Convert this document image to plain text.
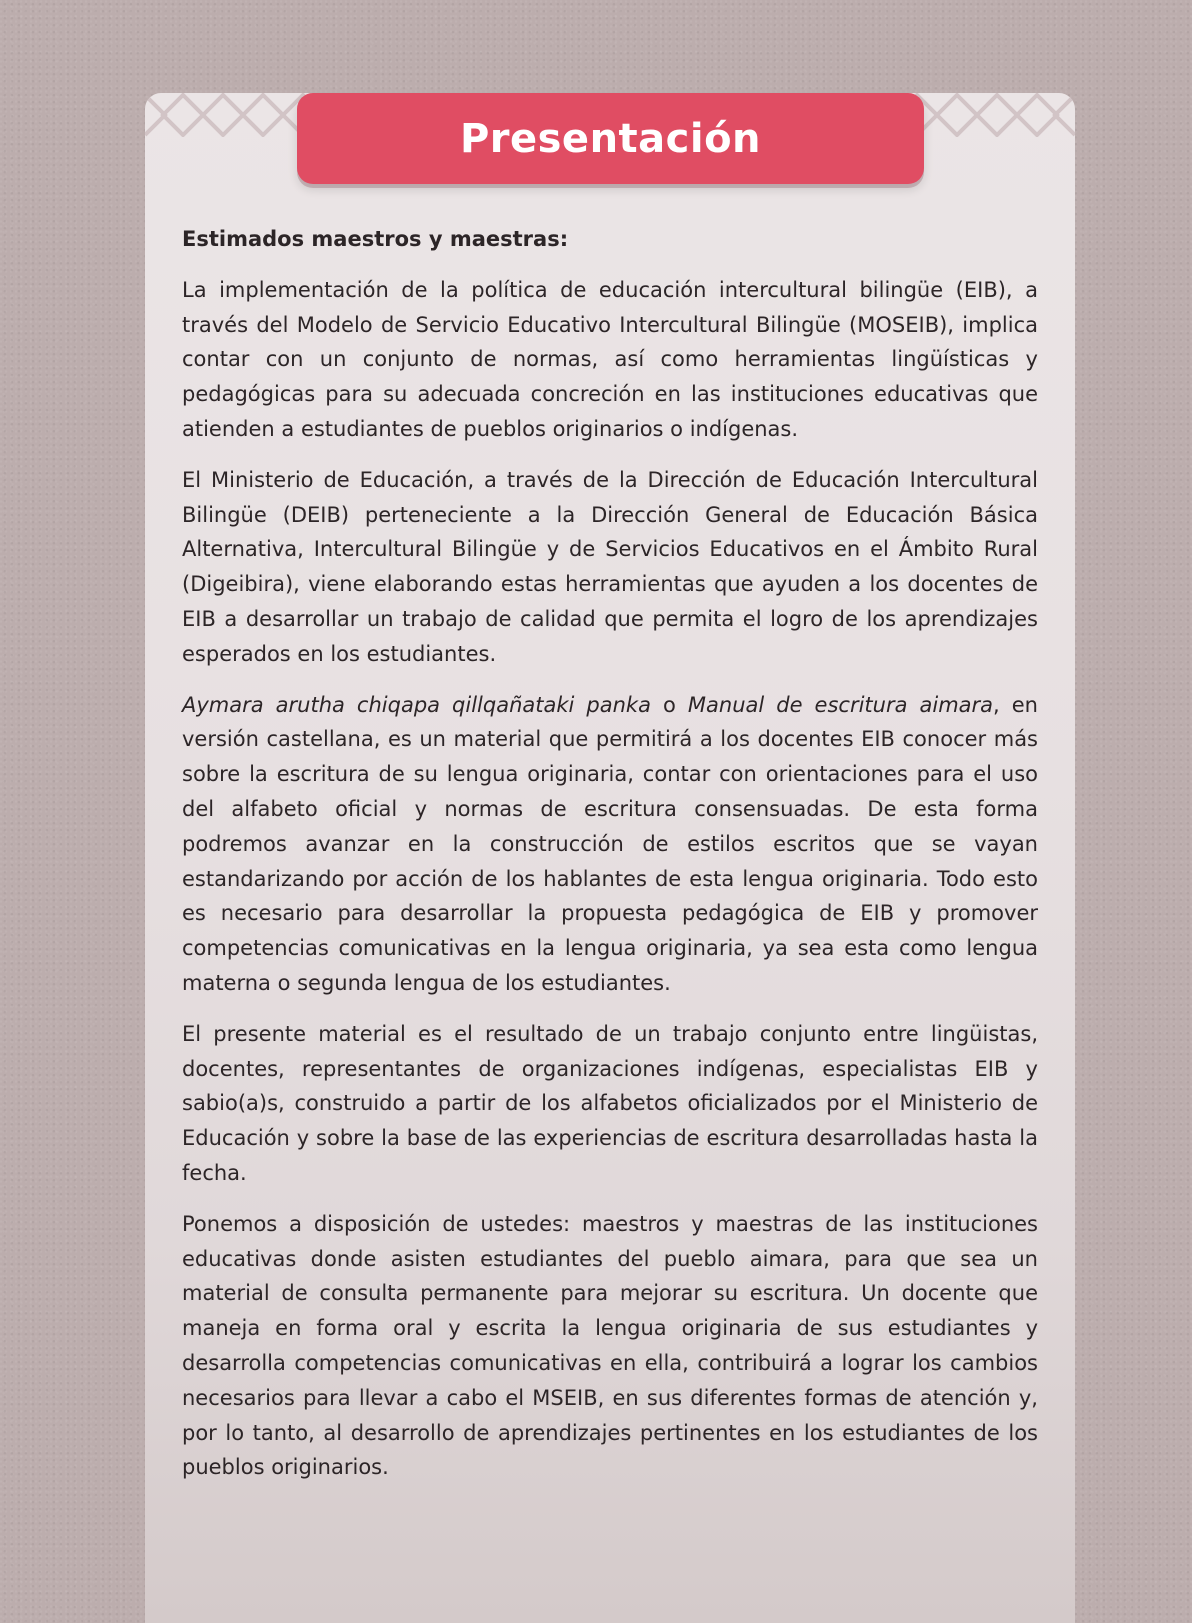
Presentación

Estimados maestros y maestras:

La implementación de la política de educación intercultural bilingüe (EIB), a través del Modelo de Servicio Educativo Intercultural Bilingüe (MOSEIB), implica contar con un conjunto de normas, así como herramientas lingüísticas y pedagógicas para su adecuada concreción en las instituciones educativas que atienden a estudiantes de pueblos originarios o indígenas.

El Ministerio de Educación, a través de la Dirección de Educación Intercultural Bilingüe (DEIB) perteneciente a la Dirección General de Educación Básica Alternativa, Intercultural Bilingüe y de Servicios Educativos en el Ámbito Rural (Digeibira), viene elaborando estas herramientas que ayuden a los docentes de EIB a desarrollar un trabajo de calidad que permita el logro de los aprendizajes esperados en los estudiantes.

Aymara arutha chiqapa qillqañataki panka o Manual de escritura aimara, en versión castellana, es un material que permitirá a los docentes EIB conocer más sobre la escritura de su lengua originaria, contar con orientaciones para el uso del alfabeto oficial y normas de escritura consensuadas. De esta forma podremos avanzar en la construcción de estilos escritos que se vayan estandarizando por acción de los hablantes de esta lengua originaria. Todo esto es necesario para desarrollar la propuesta pedagógica de EIB y promover competencias comunicativas en la lengua originaria, ya sea esta como lengua materna o segunda lengua de los estudiantes.

El presente material es el resultado de un trabajo conjunto entre lingüistas, docentes, representantes de organizaciones indígenas, especialistas EIB y sabio(a)s, construido a partir de los alfabetos oficializados por el Ministerio de Educación y sobre la base de las experiencias de escritura desarrolladas hasta la fecha.

Ponemos a disposición de ustedes: maestros y maestras de las instituciones educativas donde asisten estudiantes del pueblo aimara, para que sea un material de consulta permanente para mejorar su escritura. Un docente que maneja en forma oral y escrita la lengua originaria de sus estudiantes y desarrolla competencias comunicativas en ella, contribuirá a lograr los cambios necesarios para llevar a cabo el MSEIB, en sus diferentes formas de atención y, por lo tanto, al desarrollo de aprendizajes pertinentes en los estudiantes de los pueblos originarios.
